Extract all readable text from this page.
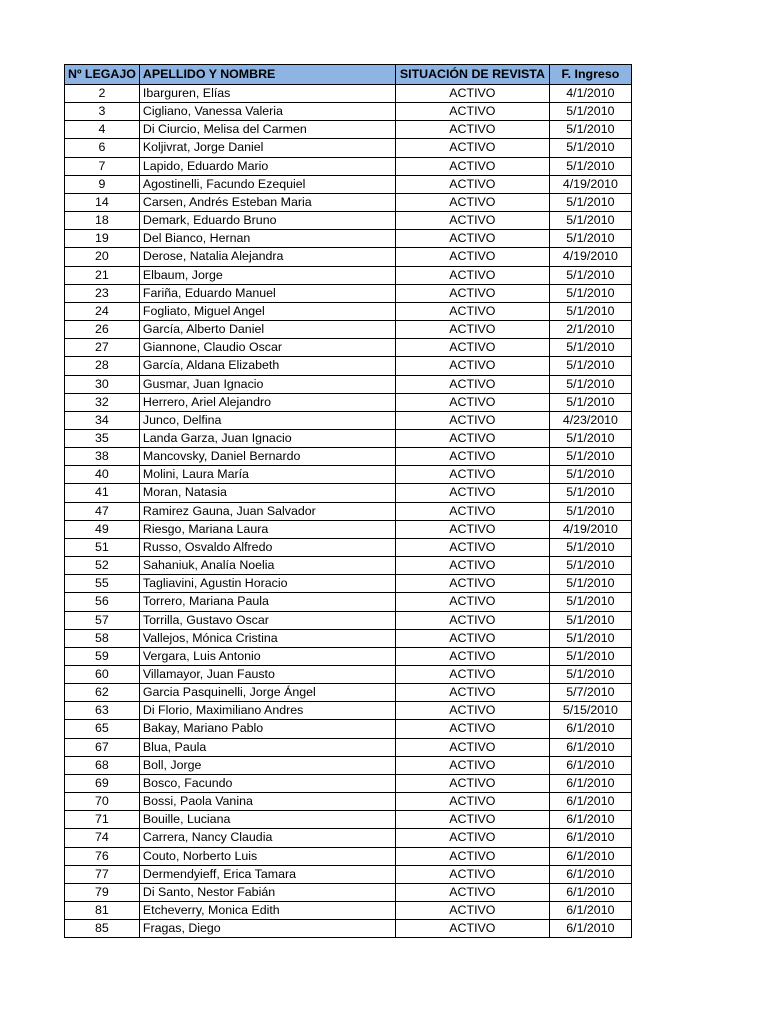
Nº LEGAJO	APELLIDO Y NOMBRE	SITUACIÓN DE REVISTA	F. Ingreso
2	Ibarguren, Elías	ACTIVO	4/1/2010
3	Cigliano, Vanessa Valeria	ACTIVO	5/1/2010
4	Di Ciurcio, Melisa del Carmen	ACTIVO	5/1/2010
6	Koljivrat, Jorge Daniel	ACTIVO	5/1/2010
7	Lapido, Eduardo Mario	ACTIVO	5/1/2010
9	Agostinelli, Facundo Ezequiel	ACTIVO	4/19/2010
14	Carsen, Andrés Esteban Maria	ACTIVO	5/1/2010
18	Demark, Eduardo Bruno	ACTIVO	5/1/2010
19	Del Bianco, Hernan	ACTIVO	5/1/2010
20	Derose, Natalia Alejandra	ACTIVO	4/19/2010
21	Elbaum, Jorge	ACTIVO	5/1/2010
23	Fariña, Eduardo Manuel	ACTIVO	5/1/2010
24	Fogliato, Miguel Angel	ACTIVO	5/1/2010
26	García, Alberto Daniel	ACTIVO	2/1/2010
27	Giannone, Claudio Oscar	ACTIVO	5/1/2010
28	García, Aldana Elizabeth	ACTIVO	5/1/2010
30	Gusmar, Juan Ignacio	ACTIVO	5/1/2010
32	Herrero, Ariel Alejandro	ACTIVO	5/1/2010
34	Junco, Delfina	ACTIVO	4/23/2010
35	Landa Garza, Juan Ignacio	ACTIVO	5/1/2010
38	Mancovsky, Daniel Bernardo	ACTIVO	5/1/2010
40	Molini, Laura María	ACTIVO	5/1/2010
41	Moran, Natasia	ACTIVO	5/1/2010
47	Ramirez Gauna, Juan Salvador	ACTIVO	5/1/2010
49	Riesgo, Mariana Laura	ACTIVO	4/19/2010
51	Russo, Osvaldo Alfredo	ACTIVO	5/1/2010
52	Sahaniuk, Analía Noelia	ACTIVO	5/1/2010
55	Tagliavini, Agustin Horacio	ACTIVO	5/1/2010
56	Torrero, Mariana Paula	ACTIVO	5/1/2010
57	Torrilla, Gustavo Oscar	ACTIVO	5/1/2010
58	Vallejos, Mónica Cristina	ACTIVO	5/1/2010
59	Vergara, Luis Antonio	ACTIVO	5/1/2010
60	Villamayor, Juan Fausto	ACTIVO	5/1/2010
62	Garcia Pasquinelli, Jorge Ángel	ACTIVO	5/7/2010
63	Di Florio, Maximiliano Andres	ACTIVO	5/15/2010
65	Bakay, Mariano Pablo	ACTIVO	6/1/2010
67	Blua, Paula	ACTIVO	6/1/2010
68	Boll, Jorge	ACTIVO	6/1/2010
69	Bosco, Facundo	ACTIVO	6/1/2010
70	Bossi, Paola Vanina	ACTIVO	6/1/2010
71	Bouille, Luciana	ACTIVO	6/1/2010
74	Carrera, Nancy Claudia	ACTIVO	6/1/2010
76	Couto, Norberto Luis	ACTIVO	6/1/2010
77	Dermendyieff, Erica Tamara	ACTIVO	6/1/2010
79	Di Santo, Nestor Fabián	ACTIVO	6/1/2010
81	Etcheverry, Monica Edith	ACTIVO	6/1/2010
85	Fragas, Diego	ACTIVO	6/1/2010
